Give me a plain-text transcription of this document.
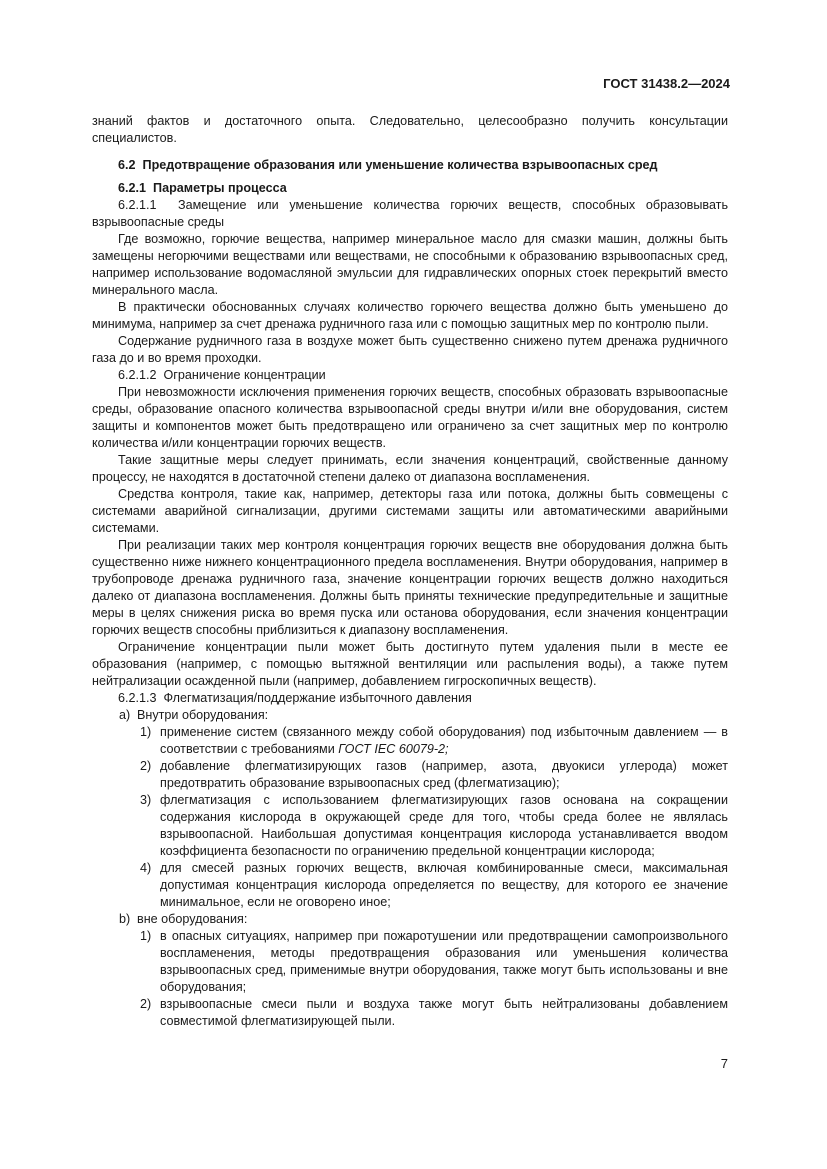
ГОСТ 31438.2—2024

знаний фактов и достаточного опыта. Следовательно, целесообразно получить консультации специалистов.

6.2 Предотвращение образования или уменьшение количества взрывоопасных сред

6.2.1 Параметры процесса

6.2.1.1 Замещение или уменьшение количества горючих веществ, способных образовывать взрывоопасные среды

Где возможно, горючие вещества, например минеральное масло для смазки машин, должны быть замещены негорючими веществами или веществами, не способными к образованию взрывоопасных сред, например использование водомасляной эмульсии для гидравлических опорных стоек перекрытий вместо минерального масла.

В практически обоснованных случаях количество горючего вещества должно быть уменьшено до минимума, например за счет дренажа рудничного газа или с помощью защитных мер по контролю пыли.

Содержание рудничного газа в воздухе может быть существенно снижено путем дренажа рудничного газа до и во время проходки.

6.2.1.2 Ограничение концентрации

При невозможности исключения применения горючих веществ, способных образовать взрывоопасные среды, образование опасного количества взрывоопасной среды внутри и/или вне оборудования, систем защиты и компонентов может быть предотвращено или ограничено за счет защитных мер по контролю количества и/или концентрации горючих веществ.

Такие защитные меры следует принимать, если значения концентраций, свойственные данному процессу, не находятся в достаточной степени далеко от диапазона воспламенения.

Средства контроля, такие как, например, детекторы газа или потока, должны быть совмещены с системами аварийной сигнализации, другими системами защиты или автоматическими аварийными системами.

При реализации таких мер контроля концентрация горючих веществ вне оборудования должна быть существенно ниже нижнего концентрационного предела воспламенения. Внутри оборудования, например в трубопроводе дренажа рудничного газа, значение концентрации горючих веществ должно находиться далеко от диапазона воспламенения. Должны быть приняты технические предупредительные и защитные меры в целях снижения риска во время пуска или останова оборудования, если значения концентрации горючих веществ способны приблизиться к диапазону воспламенения.

Ограничение концентрации пыли может быть достигнуто путем удаления пыли в месте ее образования (например, с помощью вытяжной вентиляции или распыления воды), а также путем нейтрализации осажденной пыли (например, добавлением гигроскопичных веществ).

6.2.1.3 Флегматизация/поддержание избыточного давления

a) Внутри оборудования:
1) применение систем (связанного между собой оборудования) под избыточным давлением — в соответствии с требованиями ГОСТ IEC 60079-2;
2) добавление флегматизирующих газов (например, азота, двуокиси углерода) может предотвратить образование взрывоопасных сред (флегматизацию);
3) флегматизация с использованием флегматизирующих газов основана на сокращении содержания кислорода в окружающей среде для того, чтобы среда более не являлась взрывоопасной. Наибольшая допустимая концентрация кислорода устанавливается вводом коэффициента безопасности по ограничению предельной концентрации кислорода;
4) для смесей разных горючих веществ, включая комбинированные смеси, максимальная допустимая концентрация кислорода определяется по веществу, для которого ее значение минимальное, если не оговорено иное;
b) вне оборудования:
1) в опасных ситуациях, например при пожаротушении или предотвращении самопроизвольного воспламенения, методы предотвращения образования или уменьшения количества взрывоопасных сред, применимые внутри оборудования, также могут быть использованы и вне оборудования;
2) взрывоопасные смеси пыли и воздуха также могут быть нейтрализованы добавлением совместимой флегматизирующей пыли.
7
